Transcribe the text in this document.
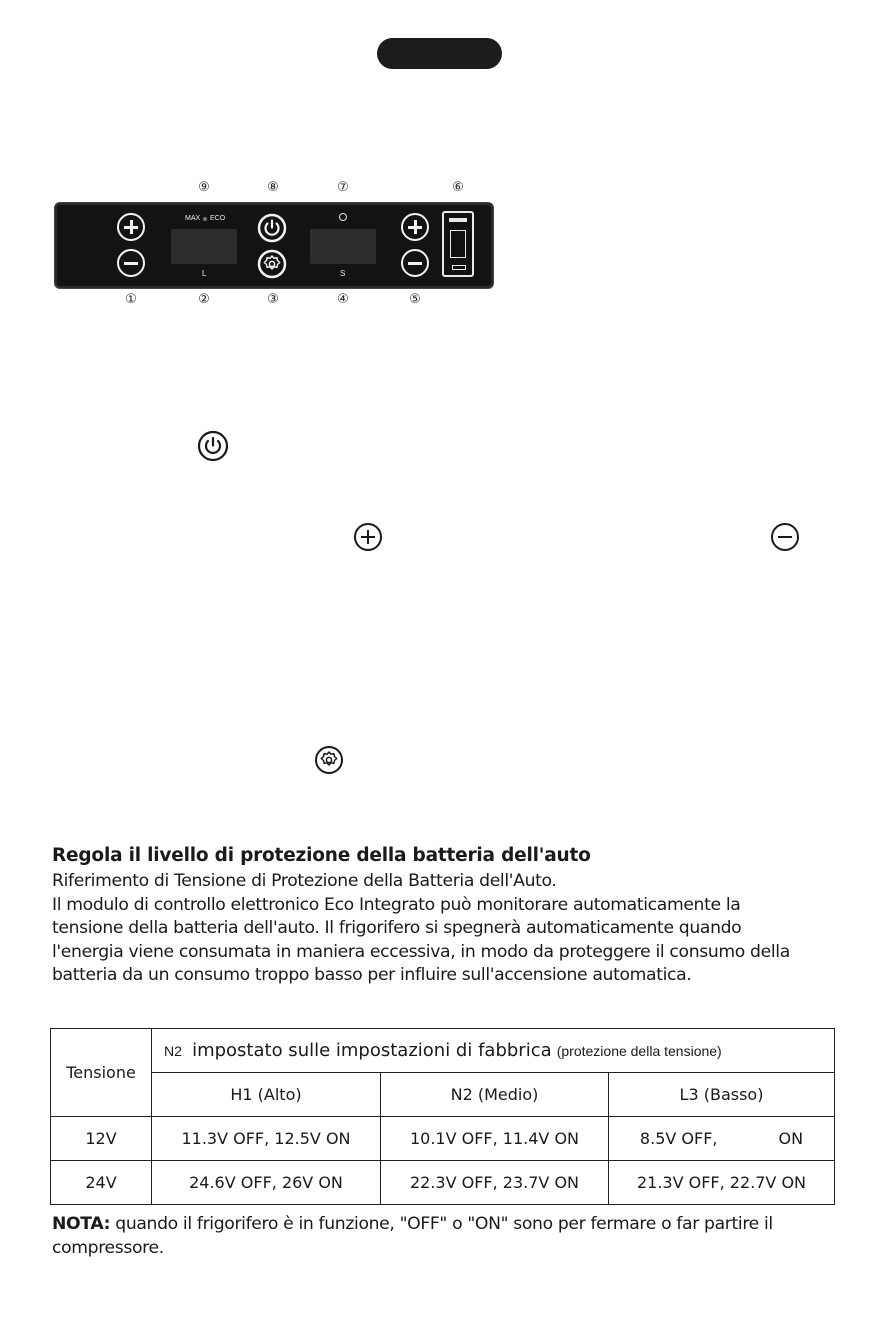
⑨	⑧	⑦	⑥
MAX ECO
L	S
①	②	③	④	⑤
Regola il livello di protezione della batteria dell'auto

Riferimento di Tensione di Protezione della Batteria dell'Auto.

Il modulo di controllo elettronico Eco Integrato può monitorare automaticamente la

tensione della batteria dell'auto. Il frigorifero si spegnerà automaticamente quando

l'energia viene consumata in maniera eccessiva, in modo da proteggere il consumo della

batteria da un consumo troppo basso per influire sull'accensione automatica.

Tensione	N2 impostato sulle impostazioni di fabbrica (protezione della tensione)		
	H1 (Alto)	N2 (Medio)	L3 (Basso)
12V	11.3V OFF, 12.5V ON	10.1V OFF, 11.4V ON	8.5V OFF,            ON
24V	24.6V OFF, 26V ON	22.3V OFF, 23.7V ON	21.3V OFF, 22.7V ON
NOTA: quando il frigorifero è in funzione, "OFF" o "ON" sono per fermare o far partire il compressore.
